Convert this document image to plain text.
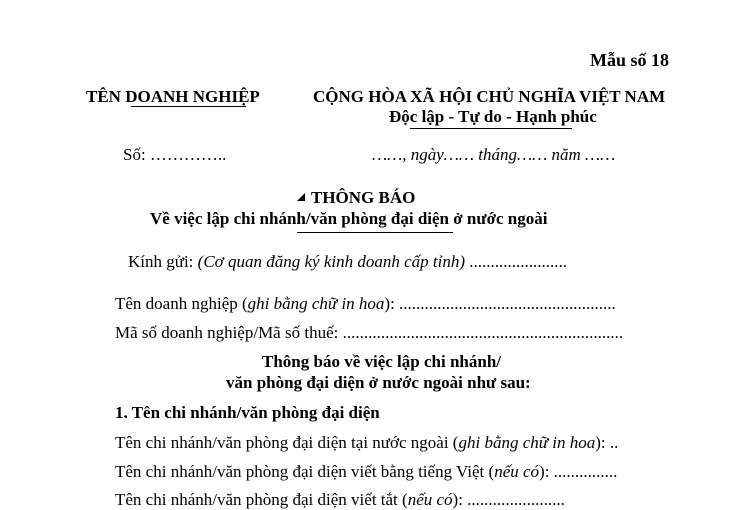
Mẫu số 18
TÊN DOANH NGHIỆP	CỘNG HÒA XÃ HỘI CHỦ NGHĨA VIỆT NAM
Độc lập - Tự do - Hạnh phúc
Số: …………..	……, ngày…… tháng…… năm ……
THÔNG BÁO
Về việc lập chi nhánh/văn phòng đại diện ở nước ngoài
Kính gửi: (Cơ quan đăng ký kinh doanh cấp tỉnh) .......................
Tên doanh nghiệp (ghi bằng chữ in hoa): ...................................................
Mã số doanh nghiệp/Mã số thuế: ..................................................................
Thông báo về việc lập chi nhánh/
văn phòng đại diện ở nước ngoài như sau:
1. Tên chi nhánh/văn phòng đại diện
Tên chi nhánh/văn phòng đại diện tại nước ngoài (ghi bằng chữ in hoa): ..
Tên chi nhánh/văn phòng đại diện viết bằng tiếng Việt (nếu có): ...............
Tên chi nhánh/văn phòng đại diện viết tắt (nếu có): .......................
